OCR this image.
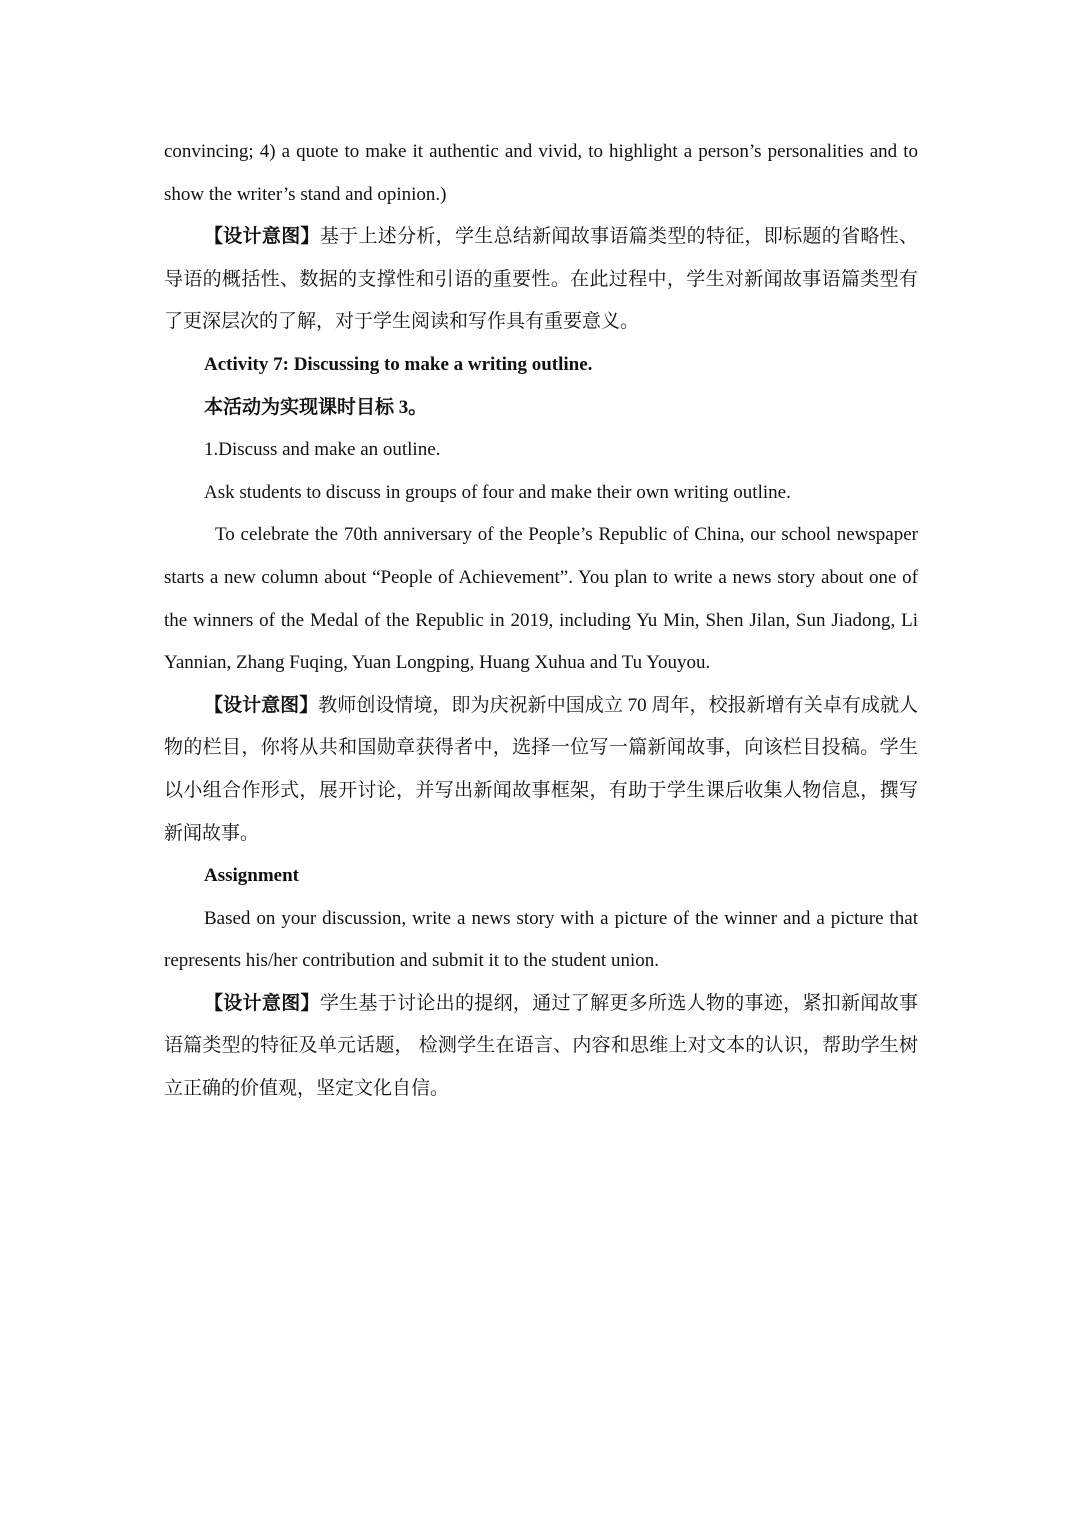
convincing; 4) a quote to make it authentic and vivid, to highlight a person’s personalities and to show the writer’s stand and opinion.)

【设计意图】基于上述分析，学生总结新闻故事语篇类型的特征，即标题的省略性、导语的概括性、数据的支撑性和引语的重要性。在此过程中，学生对新闻故事语篇类型有了更深层次的了解，对于学生阅读和写作具有重要意义。

Activity 7: Discussing to make a writing outline.

本活动为实现课时目标 3。

1.Discuss and make an outline.

Ask students to discuss in groups of four and make their own writing outline.

To celebrate the 70th anniversary of the People’s Republic of China, our school newspaper starts a new column about “People of Achievement”. You plan to write a news story about one of the winners of the Medal of the Republic in 2019, including Yu Min, Shen Jilan, Sun Jiadong, Li Yannian, Zhang Fuqing, Yuan Longping, Huang Xuhua and Tu Youyou.

【设计意图】教师创设情境，即为庆祝新中国成立 70 周年，校报新增有关卓有成就人物的栏目，你将从共和国勋章获得者中，选择一位写一篇新闻故事，向该栏目投稿。学生以小组合作形式，展开讨论，并写出新闻故事框架，有助于学生课后收集人物信息，撰写新闻故事。

Assignment

Based on your discussion, write a news story with a picture of the winner and a picture that represents his/her contribution and submit it to the student union.

【设计意图】学生基于讨论出的提纲，通过了解更多所选人物的事迹，紧扣新闻故事语篇类型的特征及单元话题， 检测学生在语言、内容和思维上对文本的认识，帮助学生树立正确的价值观，坚定文化自信。
